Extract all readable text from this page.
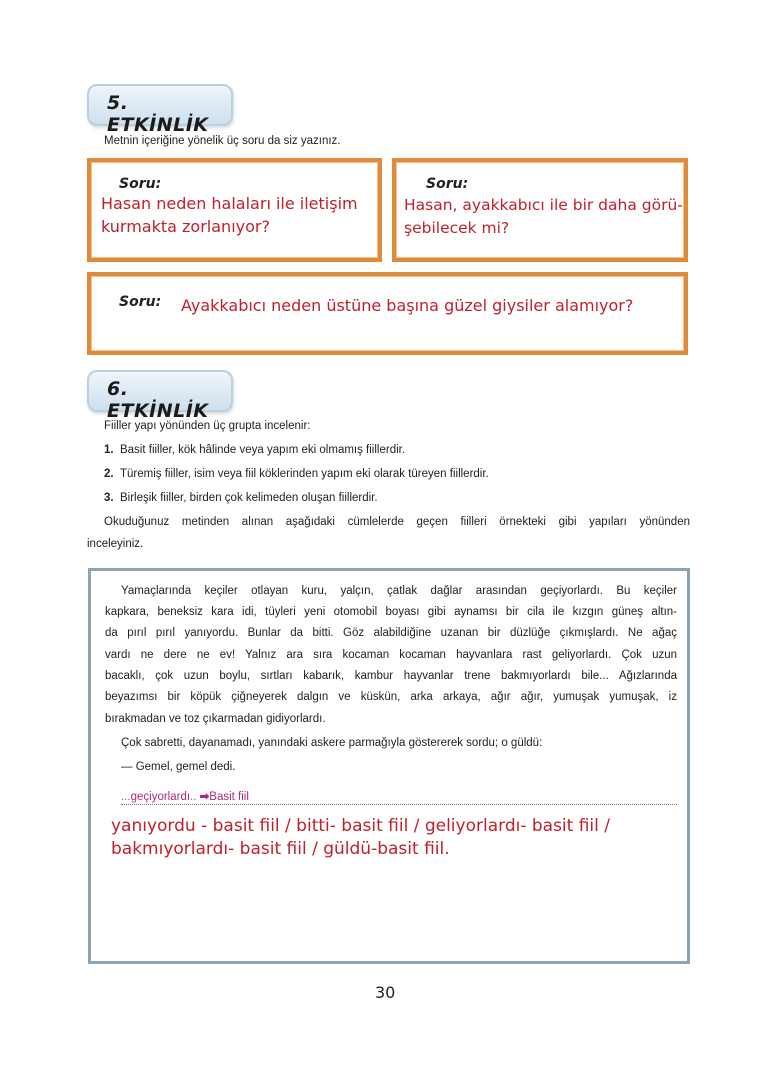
5. ETKİNLİK
Metnin içeriğine yönelik üç soru da siz yazınız.
Soru:
Hasan neden halaları ile iletişim
kurmakta zorlanıyor?
Soru:
Hasan, ayakkabıcı ile bir daha görü-
şebilecek mi?
Soru: Ayakkabıcı neden üstüne başına güzel giysiler alamıyor?
6. ETKİNLİK
Fiiller yapı yönünden üç grupta incelenir:
1. Basit fiiller, kök hâlinde veya yapım eki olmamış fiillerdir.
2. Türemiş fiiller, isim veya fiil köklerinden yapım eki olarak türeyen fiillerdir.
3. Birleşik fiiller, birden çok kelimeden oluşan fiillerdir.
Okuduğunuz metinden alınan aşağıdaki cümlelerde geçen fiilleri örnekteki gibi yapıları yönünden
inceleyiniz.
Yamaçlarında keçiler otlayan kuru, yalçın, çatlak dağlar arasından geçiyorlardı. Bu keçiler
kapkara, beneksiz kara idi, tüyleri yeni otomobil boyası gibi aynamsı bir cila ile kızgın güneş altın-
da pırıl pırıl yanıyordu. Bunlar da bitti. Göz alabildiğine uzanan bir düzlüğe çıkmışlardı. Ne ağaç
vardı ne dere ne ev! Yalnız ara sıra kocaman kocaman hayvanlara rast geliyorlardı. Çok uzun
bacaklı, çok uzun boylu, sırtları kabarık, kambur hayvanlar trene bakmıyorlardı bile... Ağızlarında
beyazımsı bir köpük çiğneyerek dalgın ve küskün, arka arkaya, ağır ağır, yumuşak yumuşak, iz
bırakmadan ve toz çıkarmadan gidiyorlardı.
Çok sabretti, dayanamadı, yanındaki askere parmağıyla göstererek sordu; o güldü:
— Gemel, gemel dedi.
...geçiyorlardı.. ➡Basit fiil
yanıyordu - basit fiil / bitti- basit fiil / geliyorlardı- basit fiil /
bakmıyorlardı- basit fiil / güldü-basit fiil.
30
